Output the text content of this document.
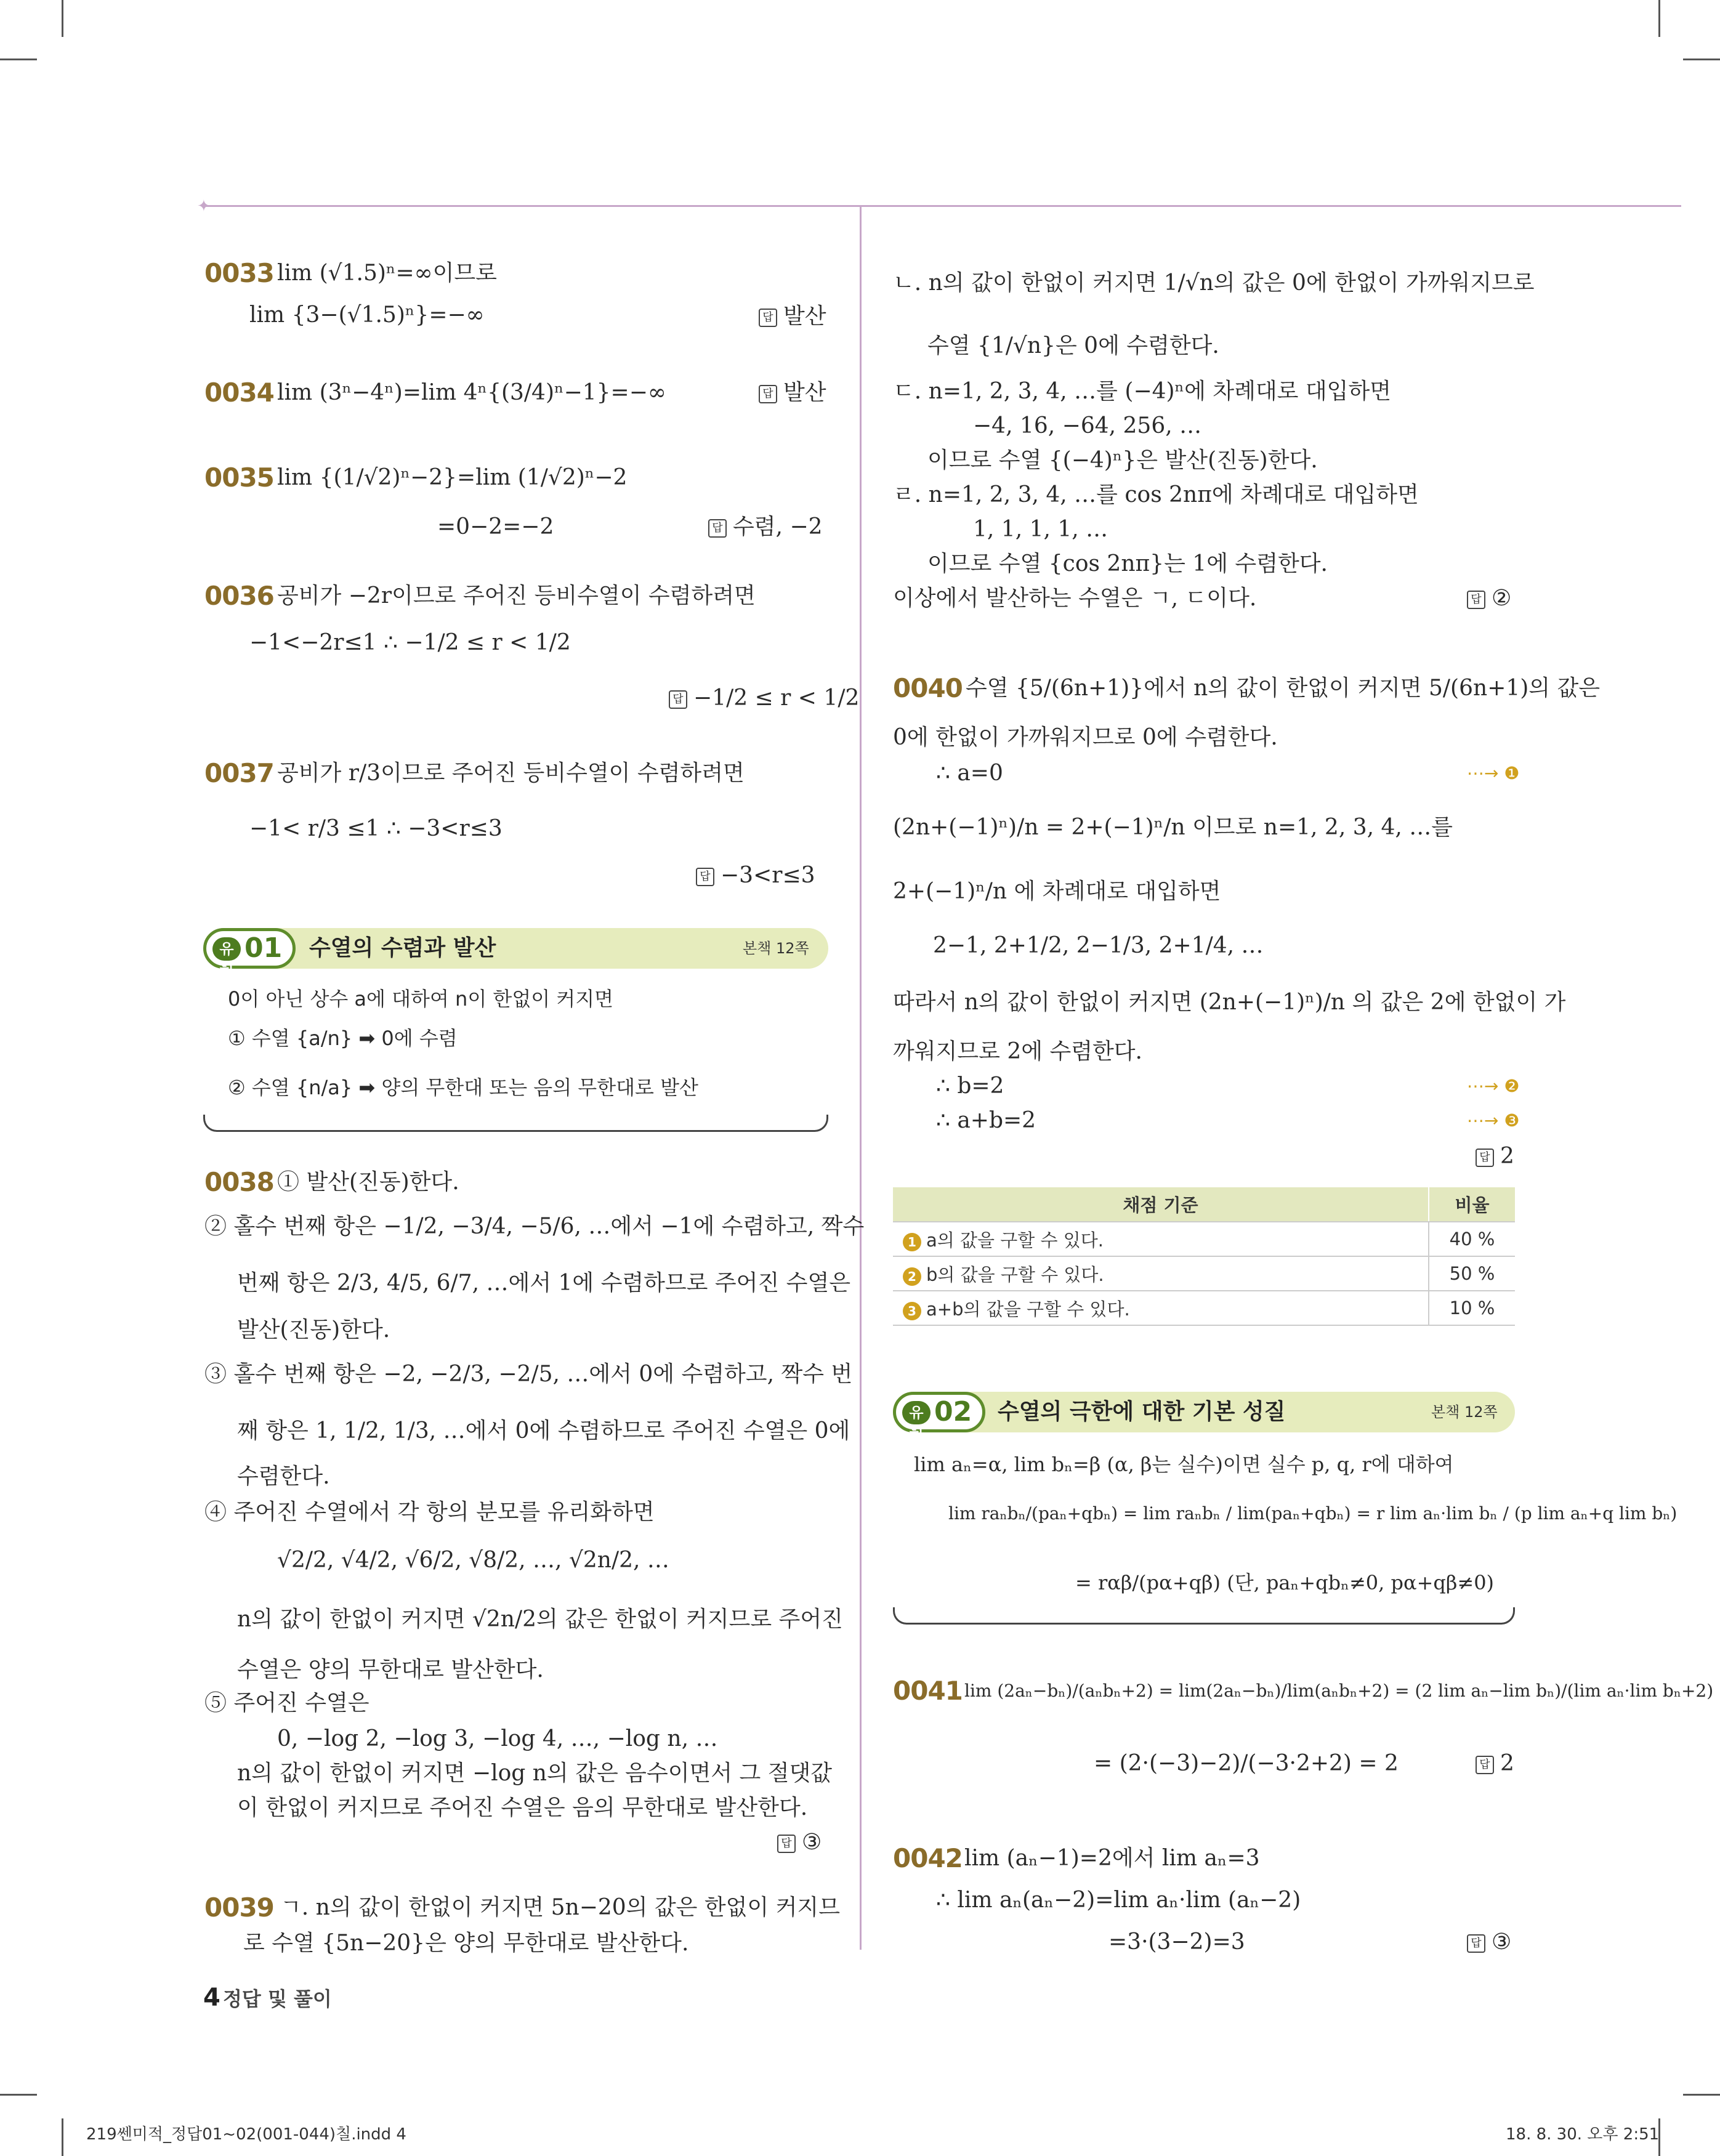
✦
0033 lim (√1.5)ⁿ=∞이므로
lim {3−(√1.5)ⁿ}=−∞	답 발산
0034 lim (3ⁿ−4ⁿ)=lim 4ⁿ{(3/4)ⁿ−1}=−∞	답 발산
0035 lim {(1/√2)ⁿ−2}=lim (1/√2)ⁿ−2
=0−2=−2	답 수렴, −2
0036 공비가 −2r이므로 주어진 등비수열이 수렴하려면
−1<−2r≤1 ∴ −1/2 ≤ r < 1/2
답 −1/2 ≤ r < 1/2
0037 공비가 r/3이므로 주어진 등비수열이 수렴하려면
−1< r/3 ≤1 ∴ −3<r≤3
답 −3<r≤3
유형
01 수열의 수렴과 발산	본책 12쪽
0이 아닌 상수 a에 대하여 n이 한없이 커지면
① 수열 {a/n} ➡ 0에 수렴
② 수열 {n/a} ➡ 양의 무한대 또는 음의 무한대로 발산
0038 ① 발산(진동)한다.
② 홀수 번째 항은 −1/2, −3/4, −5/6, …에서 −1에 수렴하고, 짝수
번째 항은 2/3, 4/5, 6/7, …에서 1에 수렴하므로 주어진 수열은
발산(진동)한다.
③ 홀수 번째 항은 −2, −2/3, −2/5, …에서 0에 수렴하고, 짝수 번
째 항은 1, 1/2, 1/3, …에서 0에 수렴하므로 주어진 수열은 0에
수렴한다.
④ 주어진 수열에서 각 항의 분모를 유리화하면
√2/2, √4/2, √6/2, √8/2, …, √2n/2, …
n의 값이 한없이 커지면 √2n/2의 값은 한없이 커지므로 주어진
수열은 양의 무한대로 발산한다.
⑤ 주어진 수열은
0, −log 2, −log 3, −log 4, …, −log n, …
n의 값이 한없이 커지면 −log n의 값은 음수이면서 그 절댓값
이 한없이 커지므로 주어진 수열은 음의 무한대로 발산한다.
답 ③
0039 ㄱ. n의 값이 한없이 커지면 5n−20의 값은 한없이 커지므
로 수열 {5n−20}은 양의 무한대로 발산한다.
4 정답 및 풀이
ㄴ. n의 값이 한없이 커지면 1/√n의 값은 0에 한없이 가까워지므로
수열 {1/√n}은 0에 수렴한다.
ㄷ. n=1, 2, 3, 4, …를 (−4)ⁿ에 차례대로 대입하면
−4, 16, −64, 256, …
이므로 수열 {(−4)ⁿ}은 발산(진동)한다.
ㄹ. n=1, 2, 3, 4, …를 cos 2nπ에 차례대로 대입하면
1, 1, 1, 1, …
이므로 수열 {cos 2nπ}는 1에 수렴한다.
이상에서 발산하는 수열은 ㄱ, ㄷ이다.	답 ②
0040 수열 {5/(6n+1)}에서 n의 값이 한없이 커지면 5/(6n+1)의 값은
0에 한없이 가까워지므로 0에 수렴한다.
∴ a=0	⋯→ ❶
(2n+(−1)ⁿ)/n = 2+(−1)ⁿ/n 이므로 n=1, 2, 3, 4, …를
2+(−1)ⁿ/n 에 차례대로 대입하면
2−1, 2+1/2, 2−1/3, 2+1/4, …
따라서 n의 값이 한없이 커지면 (2n+(−1)ⁿ)/n 의 값은 2에 한없이 가
까워지므로 2에 수렴한다.
∴ b=2	⋯→ ❷
∴ a+b=2	⋯→ ❸
답 2
채점 기준	비율
1 a의 값을 구할 수 있다.	40 %
2 b의 값을 구할 수 있다.	50 %
3 a+b의 값을 구할 수 있다.	10 %
유형
02 수열의 극한에 대한 기본 성질	본책 12쪽
lim aₙ=α, lim bₙ=β (α, β는 실수)이면 실수 p, q, r에 대하여
lim raₙbₙ/(paₙ+qbₙ) = lim raₙbₙ / lim(paₙ+qbₙ) = r lim aₙ·lim bₙ / (p lim aₙ+q lim bₙ)
= rαβ/(pα+qβ) (단, paₙ+qbₙ≠0, pα+qβ≠0)
0041 lim (2aₙ−bₙ)/(aₙbₙ+2) = lim(2aₙ−bₙ)/lim(aₙbₙ+2) = (2 lim aₙ−lim bₙ)/(lim aₙ·lim bₙ+2)
= (2·(−3)−2)/(−3·2+2) = 2	답 2
0042 lim (aₙ−1)=2에서 lim aₙ=3
∴ lim aₙ(aₙ−2)=lim aₙ·lim (aₙ−2)
=3·(3−2)=3	답 ③
219쎈미적_정답01~02(001-044)칠.indd 4	18. 8. 30. 오후 2:51
